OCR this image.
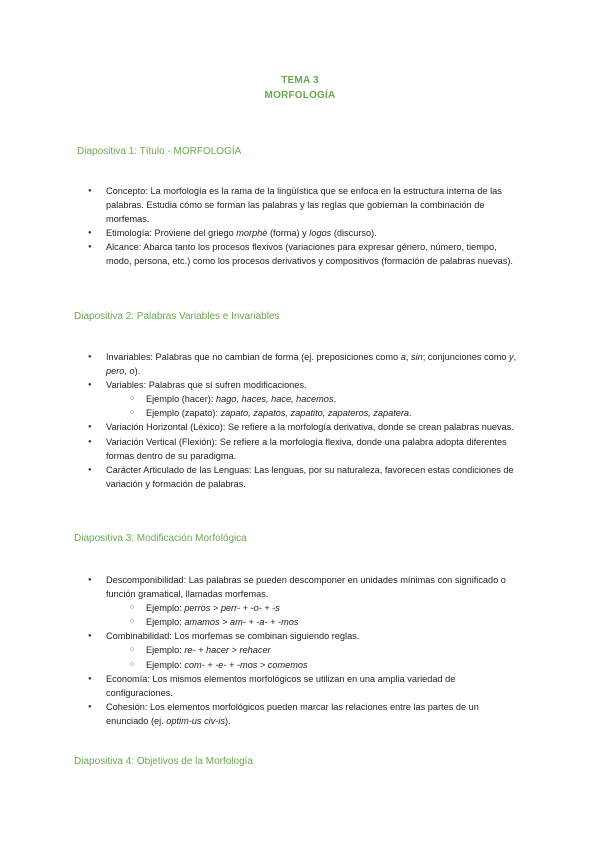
TEMA 3
MORFOLOGÍA
Diapositiva 1: Título - MORFOLOGÍA
● Concepto: La morfología es la rama de la lingüística que se enfoca en la estructura interna de las palabras. Estudia cómo se forman las palabras y las reglas que gobiernan la combinación de morfemas.
● Etimología: Proviene del griego morphè (forma) y logos (discurso).
● Alcance: Abarca tanto los procesos flexivos (variaciones para expresar género, número, tiempo, modo, persona, etc.) como los procesos derivativos y compositivos (formación de palabras nuevas).
Diapositiva 2: Palabras Variables e Invariables
● Invariables: Palabras que no cambian de forma (ej. preposiciones como a, sin; conjunciones como y, pero, o).
● Variables: Palabras que sí sufren modificaciones.
○ Ejemplo (hacer): hago, haces, hace, hacemos.
○ Ejemplo (zapato): zapato, zapatos, zapatito, zapateros, zapatera.
● Variación Horizontal (Léxico): Se refiere a la morfología derivativa, donde se crean palabras nuevas.
● Variación Vertical (Flexión): Se refiere a la morfología flexiva, donde una palabra adopta diferentes formas dentro de su paradigma.
● Carácter Articulado de las Lenguas: Las lenguas, por su naturaleza, favorecen estas condiciones de variación y formación de palabras.
Diapositiva 3: Modificación Morfológica
● Descomponibilidad: Las palabras se pueden descomponer en unidades mínimas con significado o función gramatical, llamadas morfemas.
○ Ejemplo: perros > perr- + -o- + -s
○ Ejemplo: amamos > am- + -a- + -mos
● Combinabilidad: Los morfemas se combinan siguiendo reglas.
○ Ejemplo: re- + hacer > rehacer
○ Ejemplo: com- + -e- + -mos > comemos
● Economía: Los mismos elementos morfológicos se utilizan en una amplia variedad de configuraciones.
● Cohesión: Los elementos morfológicos pueden marcar las relaciones entre las partes de un enunciado (ej. optim-us civ-is).
Diapositiva 4: Objetivos de la Morfología
